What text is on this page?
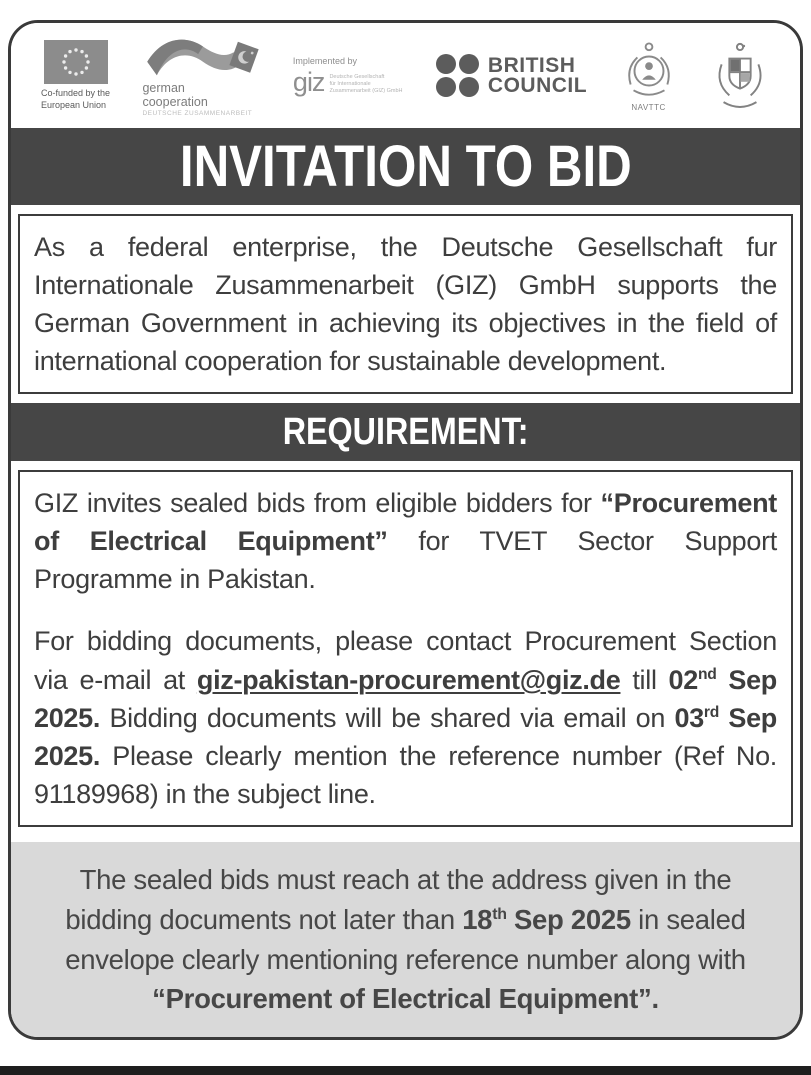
Co-funded by the
European Union
german
cooperation
DEUTSCHE ZUSAMMENARBEIT
Implemented by
giz Deutsche Gesellschaft
für Internationale
Zusammenarbeit (GIZ) GmbH
BRITISH
COUNCIL
NAVTTC
INVITATION TO BID

As a federal enterprise, the Deutsche Gesellschaft fur Internationale Zusammenarbeit (GIZ) GmbH supports the German Government in achieving its objectives in the field of international cooperation for sustainable development.

REQUIREMENT:

GIZ invites sealed bids from eligible bidders for “Procurement of Electrical Equipment” for TVET Sector Support Programme in Pakistan.

For bidding documents, please contact Procurement Section via e-mail at giz-pakistan-procurement@giz.de till 02nd Sep 2025. Bidding documents will be shared via email on 03rd Sep 2025. Please clearly mention the reference number (Ref No. 91189968) in the subject line.

The sealed bids must reach at the address given in the bidding documents not later than 18th Sep 2025 in sealed envelope clearly mentioning reference number along with “Procurement of Electrical Equipment”.
